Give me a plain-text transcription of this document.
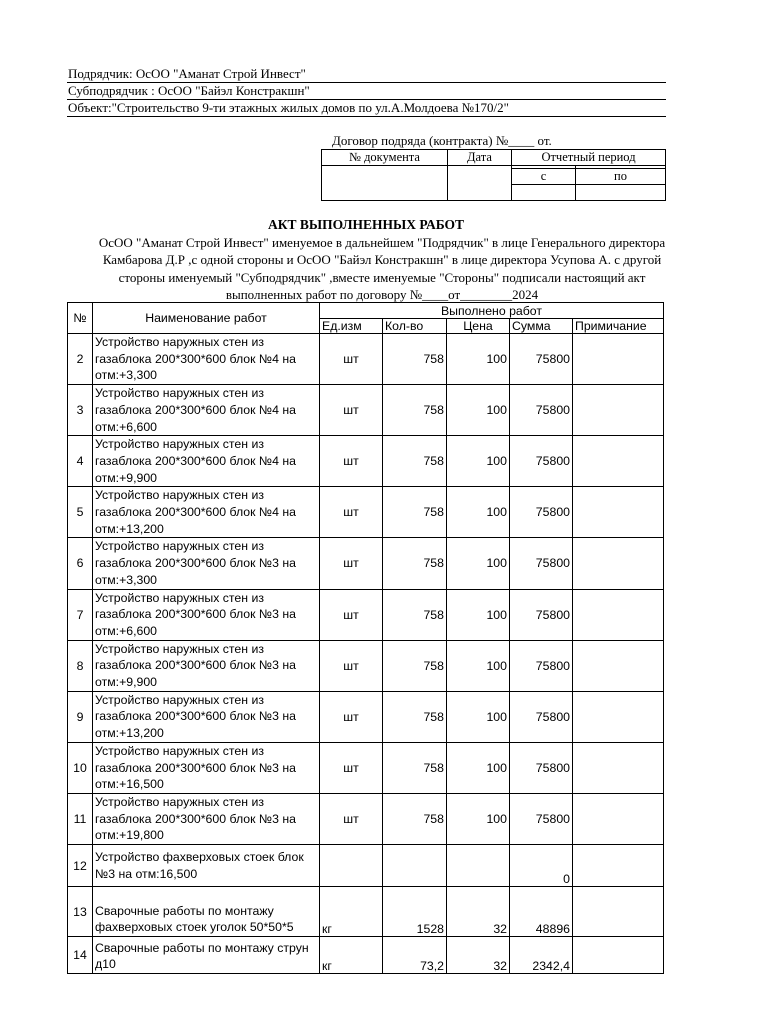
Подрядчик: ОсОО "Аманат Строй Инвест"
Субподрядчик : ОсОО "Байэл Констракшн"
Объект:"Строительство 9-ти этажных жилых домов по ул.А.Молдоева №170/2"
Договор подряда (контракта) №____ от.
№ документа	Дата	Отчетный период	

		с	по

АКТ ВЫПОЛНЕННЫХ РАБОТ
ОсОО "Аманат Строй Инвест" именуемое в дальнейшем "Подрядчик" в лице Генерального директора Камбарова Д.Р ,с одной стороны и ОсОО "Байэл Констракшн" в лице директора Усупова А. с другой стороны именуемый "Субподрядчик" ,вместе именуемые "Стороны" подписали настоящий акт выполненных работ по договору №____от________2024
№	Наименование работ	Выполнено работ				
		Ед.изм	Кол-во	Цена	Сумма	Примичание
2	Устройство наружных стен из газаблока 200*300*600 блок №4 на отм:+3,300	шт	758	100	75800	
3	Устройство наружных стен из газаблока 200*300*600 блок №4 на отм:+6,600	шт	758	100	75800	
4	Устройство наружных стен из газаблока 200*300*600 блок №4 на отм:+9,900	шт	758	100	75800	
5	Устройство наружных стен из газаблока 200*300*600 блок №4 на отм:+13,200	шт	758	100	75800	
6	Устройство наружных стен из газаблока 200*300*600 блок №3 на отм:+3,300	шт	758	100	75800	
7	Устройство наружных стен из газаблока 200*300*600 блок №3 на отм:+6,600	шт	758	100	75800	
8	Устройство наружных стен из газаблока 200*300*600 блок №3 на отм:+9,900	шт	758	100	75800	
9	Устройство наружных стен из газаблока 200*300*600 блок №3 на отм:+13,200	шт	758	100	75800	
10	Устройство наружных стен из газаблока 200*300*600 блок №3 на отм:+16,500	шт	758	100	75800	
11	Устройство наружных стен из газаблока 200*300*600 блок №3 на отм:+19,800	шт	758	100	75800	
12	Устройство фахверховых стоек блок №3 на отм:16,500				0	
13	Сварочные работы по монтажу фахверховых стоек уголок 50*50*5	кг	1528	32	48896	
14	Сварочные работы по монтажу струн д10	кг	73,2	32	2342,4	
